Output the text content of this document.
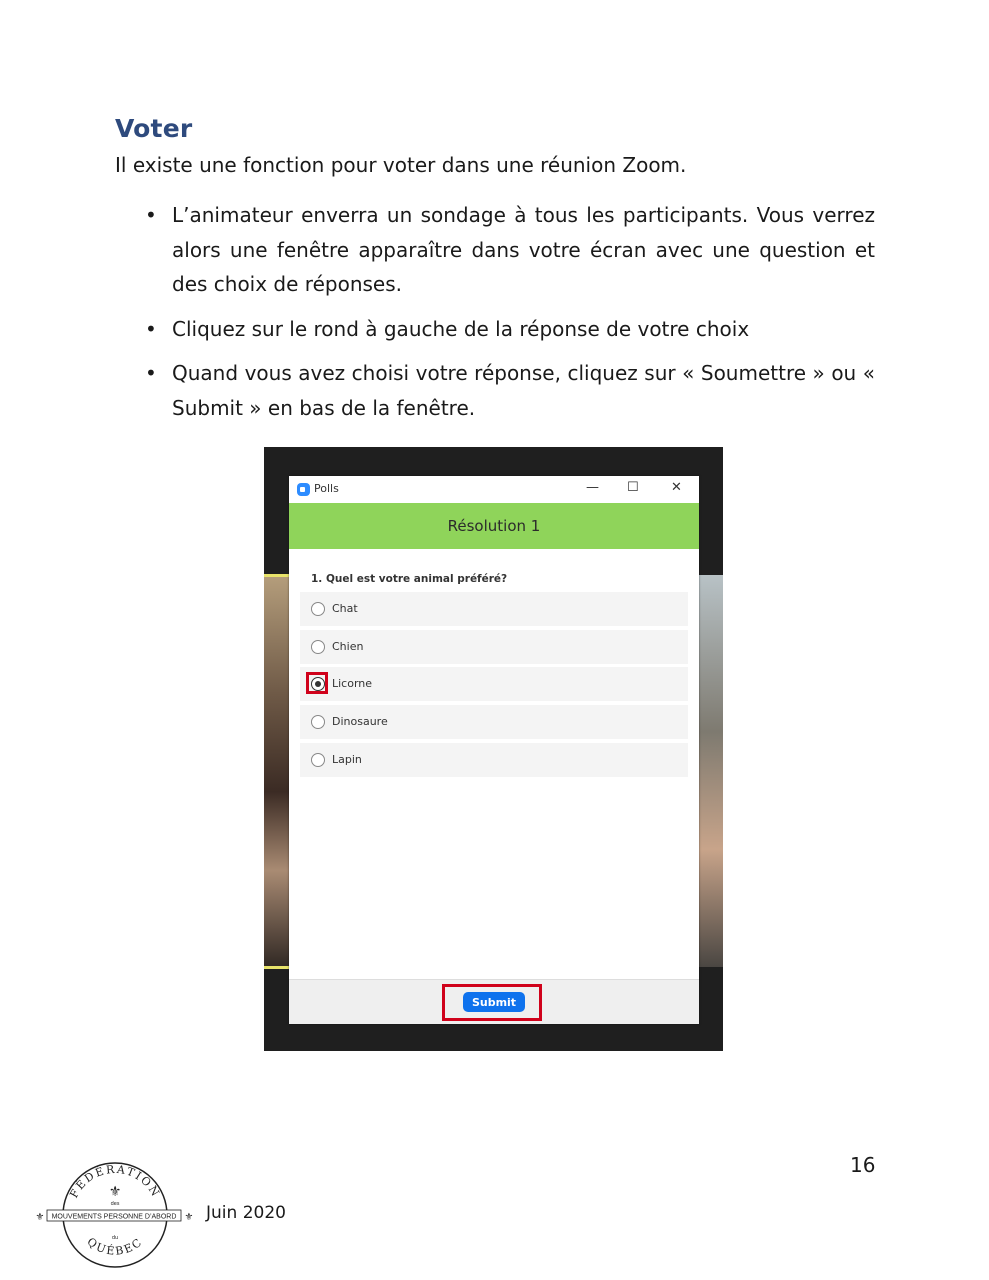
Voter

Il existe une fonction pour voter dans une réunion Zoom.

• L’animateur enverra un sondage à tous les participants. Vous verrez alors une fenêtre apparaître dans votre écran avec une question et des choix de réponses.
• Cliquez sur le rond à gauche de la réponse de votre choix
• Quand vous avez choisi votre réponse, cliquez sur « Soumettre » ou « Submit » en bas de la fenêtre.
Polls	— ☐ ✕
Résolution 1
1. Quel est votre animal préféré?
Chat
Chien
Licorne
Dinosaure
Lapin
Submit
16
Juin 2020
FÉDÉRATION
⚜
des
MOUVEMENTS PERSONNE D’ABORD
⚜	⚜
du
QUÉBEC
